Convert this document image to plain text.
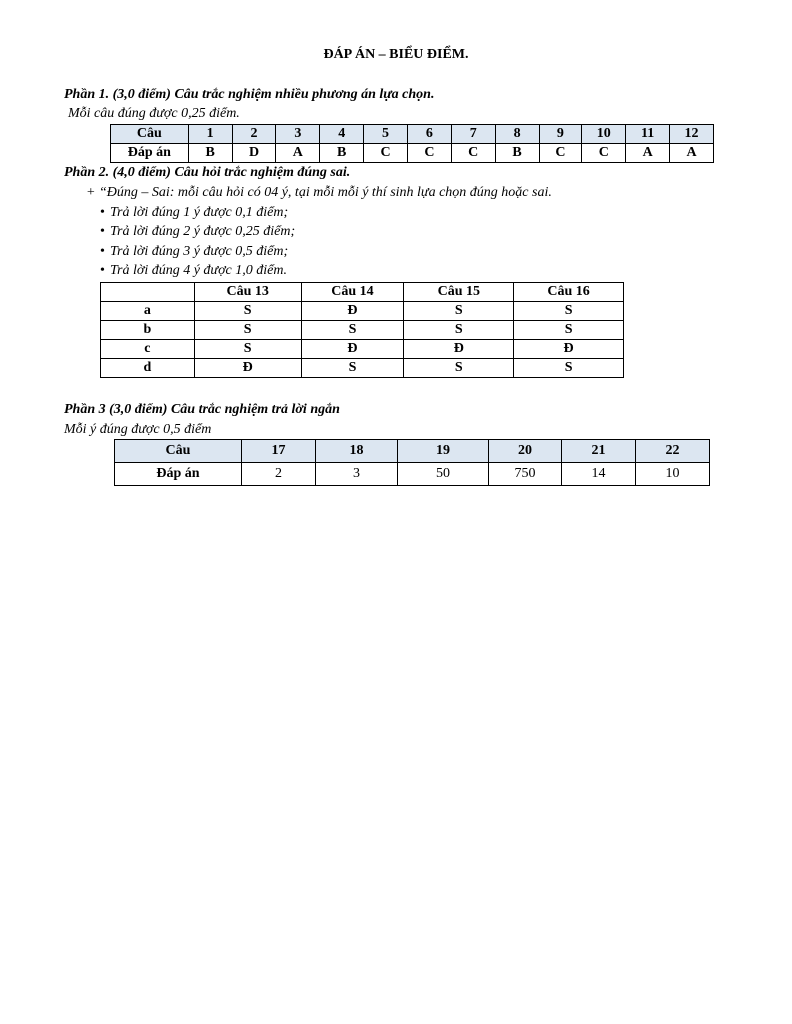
ĐÁP ÁN – BIỂU ĐIỂM.
Phần 1. (3,0 điểm) Câu trắc nghiệm nhiều phương án lựa chọn.
Mỗi câu đúng được 0,25 điểm.
Câu	1	2	3	4	5	6	7	8	9	10	11	12
Đáp án	B	D	A	B	C	C	C	B	C	C	A	A
Phần 2. (4,0 điểm) Câu hỏi trắc nghiệm đúng sai.
+ “Đúng – Sai: mỗi câu hỏi có 04 ý, tại mỗi mỗi ý thí sinh lựa chọn đúng hoặc sai.
• Trả lời đúng 1 ý được 0,1 điểm;
• Trả lời đúng 2 ý được 0,25 điểm;
• Trả lời đúng 3 ý được 0,5 điểm;
• Trả lời đúng 4 ý được 1,0 điểm.
	Câu 13	Câu 14	Câu 15	Câu 16
a	S	Đ	S	S
b	S	S	S	S
c	S	Đ	Đ	Đ
d	Đ	S	S	S
Phần 3 (3,0 điểm) Câu trắc nghiệm trả lời ngắn
Mỗi ý đúng được 0,5 điểm
Câu	17	18	19	20	21	22
Đáp án	2	3	50	750	14	10
